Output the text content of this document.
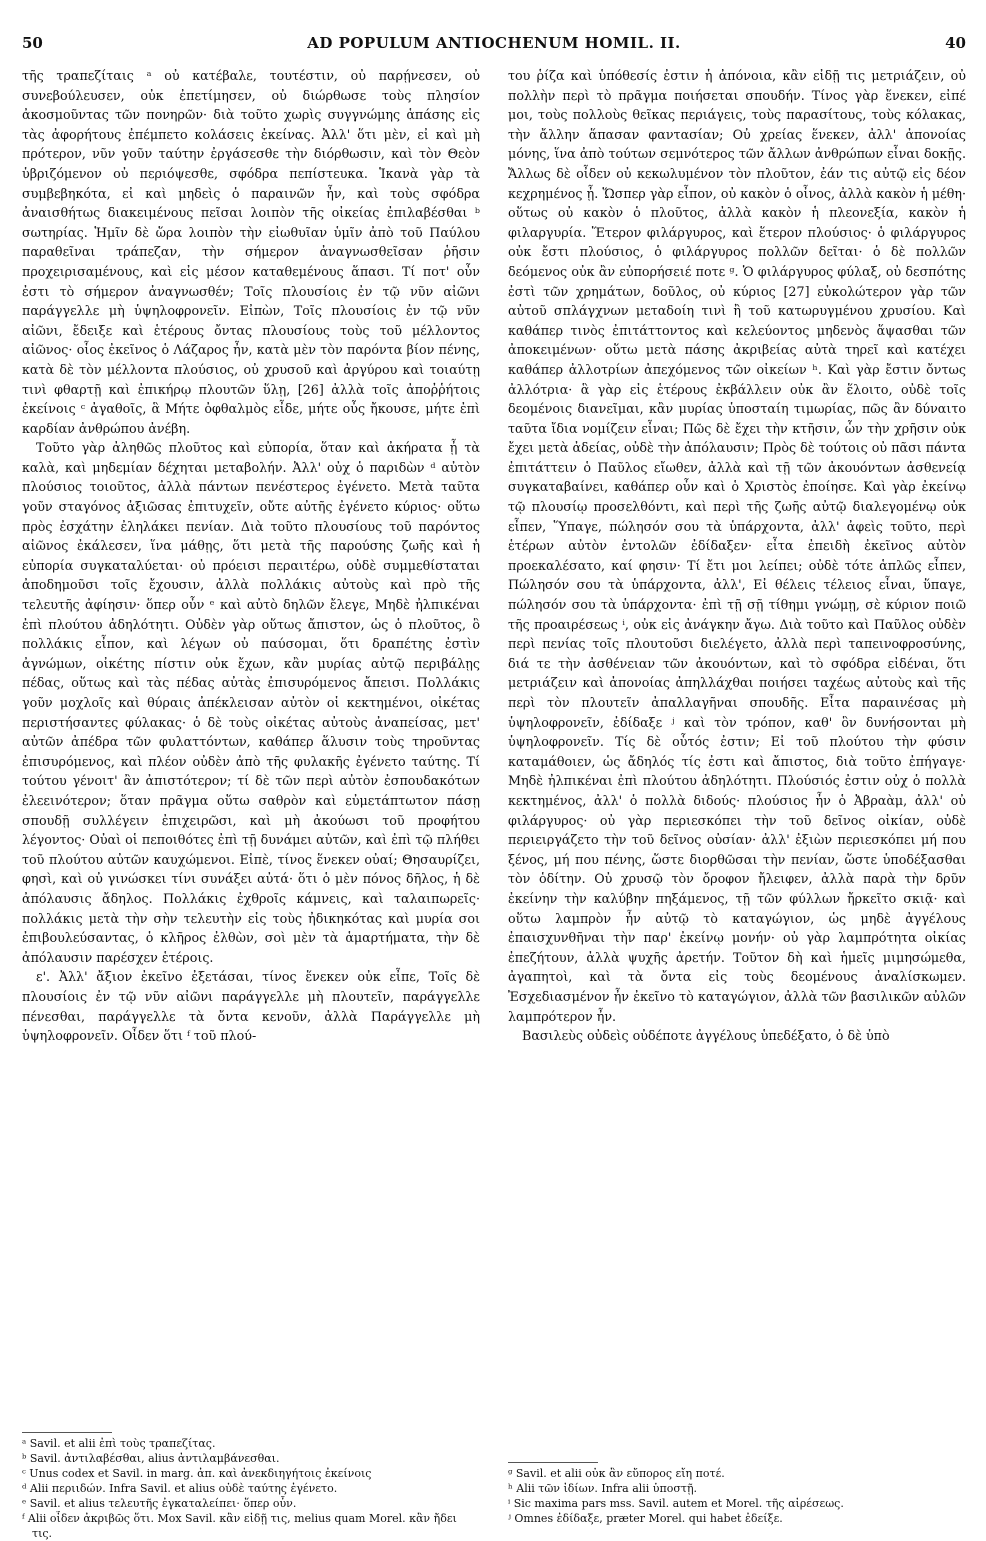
50	AD POPULUM ANTIOCHENUM HOMIL. II.	40

τῆς τραπεζίταις ᵃ οὐ κατέβαλε, τουτέστιν, οὐ παρῄνεσεν, οὐ συνεβούλευσεν, οὐκ ἐπετίμησεν, οὐ διώρθωσε τοὺς πλησίον ἀκοσμοῦντας τῶν πονηρῶν· διὰ τοῦτο χωρὶς συγγνώμης ἁπάσης εἰς τὰς ἀφορήτους ἐπέμπετο κολάσεις ἐκείνας. Ἀλλ' ὅτι μὲν, εἰ καὶ μὴ πρότερον, νῦν γοῦν ταύτην ἐργάσεσθε τὴν διόρθωσιν, καὶ τὸν Θεὸν ὑβριζόμενον οὐ περιόψεσθε, σφόδρα πεπίστευκα. Ἱκανὰ γὰρ τὰ συμβεβηκότα, εἰ καὶ μηδεὶς ὁ παραινῶν ἦν, καὶ τοὺς σφόδρα ἀναισθήτως διακειμένους πεῖσαι λοιπὸν τῆς οἰκείας ἐπιλαβέσθαι ᵇ σωτηρίας. Ἡμῖν δὲ ὥρα λοιπὸν τὴν εἰωθυῖαν ὑμῖν ἀπὸ τοῦ Παύλου παραθεῖναι τράπεζαν, τὴν σήμερον ἀναγνωσθεῖσαν ῥῆσιν προχειρισαμένους, καὶ εἰς μέσον καταθεμένους ἅπασι. Τί ποτ' οὖν ἐστι τὸ σήμερον ἀναγνωσθέν; Τοῖς πλουσίοις ἐν τῷ νῦν αἰῶνι παράγγελλε μὴ ὑψηλοφρονεῖν. Εἰπὼν, Τοῖς πλουσίοις ἐν τῷ νῦν αἰῶνι, ἔδειξε καὶ ἑτέρους ὄντας πλουσίους τοὺς τοῦ μέλλοντος αἰῶνος· οἷος ἐκεῖνος ὁ Λάζαρος ἦν, κατὰ μὲν τὸν παρόντα βίον πένης, κατὰ δὲ τὸν μέλλοντα πλούσιος, οὐ χρυσοῦ καὶ ἀργύρου καὶ τοιαύτῃ τινὶ φθαρτῇ καὶ ἐπικήρῳ πλουτῶν ὕλῃ, [26] ἀλλὰ τοῖς ἀποῤῥήτοις ἐκείνοις ᶜ ἀγαθοῖς, ἃ Μήτε ὀφθαλμὸς εἶδε, μήτε οὖς ἤκουσε, μήτε ἐπὶ καρδίαν ἀνθρώπου ἀνέβη.

Τοῦτο γὰρ ἀληθῶς πλοῦτος καὶ εὐπορία, ὅταν καὶ ἀκήρατα ᾖ τὰ καλὰ, καὶ μηδεμίαν δέχηται μεταβολήν. Ἀλλ' οὐχ ὁ παριδὼν ᵈ αὐτὸν πλούσιος τοιοῦτος, ἀλλὰ πάντων πενέστερος ἐγένετο. Μετὰ ταῦτα γοῦν σταγόνος ἀξιῶσας ἐπιτυχεῖν, οὔτε αὐτῆς ἐγένετο κύριος· οὕτω πρὸς ἐσχάτην ἐληλάκει πενίαν. Διὰ τοῦτο πλουσίους τοῦ παρόντος αἰῶνος ἐκάλεσεν, ἵνα μάθῃς, ὅτι μετὰ τῆς παρούσης ζωῆς καὶ ἡ εὐπορία συγκαταλύεται· οὐ πρόεισι περαιτέρω, οὐδὲ συμμεθίσταται ἀποδημοῦσι τοῖς ἔχουσιν, ἀλλὰ πολλάκις αὐτοὺς καὶ πρὸ τῆς τελευτῆς ἀφίησιν· ὅπερ οὖν ᵉ καὶ αὐτὸ δηλῶν ἔλεγε, Μηδὲ ἠλπικέναι ἐπὶ πλούτου ἀδηλότητι. Οὐδὲν γὰρ οὕτως ἄπιστον, ὡς ὁ πλοῦτος, ὃ πολλάκις εἶπον, καὶ λέγων οὐ παύσομαι, ὅτι δραπέτης ἐστὶν ἀγνώμων, οἰκέτης πίστιν οὐκ ἔχων, κἂν μυρίας αὐτῷ περιβάλῃς πέδας, οὕτως καὶ τὰς πέδας αὐτὰς ἐπισυρόμενος ἄπεισι. Πολλάκις γοῦν μοχλοῖς καὶ θύραις ἀπέκλεισαν αὐτὸν οἱ κεκτημένοι, οἰκέτας περιστήσαντες φύλακας· ὁ δὲ τοὺς οἰκέτας αὐτοὺς ἀναπείσας, μετ' αὐτῶν ἀπέδρα τῶν φυλαττόντων, καθάπερ ἅλυσιν τοὺς τηροῦντας ἐπισυρόμενος, καὶ πλέον οὐδὲν ἀπὸ τῆς φυλακῆς ἐγένετο ταύτης. Τί τούτου γένοιτ' ἂν ἀπιστότερον; τί δὲ τῶν περὶ αὐτὸν ἐσπουδακότων ἐλεεινότερον; ὅταν πρᾶγμα οὕτω σαθρὸν καὶ εὐμετάπτωτον πάσῃ σπουδῇ συλλέγειν ἐπιχειρῶσι, καὶ μὴ ἀκούωσι τοῦ προφήτου λέγοντος· Οὐαὶ οἱ πεποιθότες ἐπὶ τῇ δυνάμει αὐτῶν, καὶ ἐπὶ τῷ πλήθει τοῦ πλούτου αὐτῶν καυχώμενοι. Εἰπὲ, τίνος ἕνεκεν οὐαί; Θησαυρίζει, φησὶ, καὶ οὐ γινώσκει τίνι συνάξει αὐτά· ὅτι ὁ μὲν πόνος δῆλος, ἡ δὲ ἀπόλαυσις ἄδηλος. Πολλάκις ἐχθροῖς κάμνεις, καὶ ταλαιπωρεῖς· πολλάκις μετὰ τὴν σὴν τελευτὴν εἰς τοὺς ἠδικηκότας καὶ μυρία σοι ἐπιβουλεύσαντας, ὁ κλῆρος ἐλθὼν, σοὶ μὲν τὰ ἁμαρτήματα, τὴν δὲ ἀπόλαυσιν παρέσχεν ἑτέροις.

ε'. Ἀλλ' ἄξιον ἐκεῖνο ἐξετάσαι, τίνος ἕνεκεν οὐκ εἶπε, Τοῖς δὲ πλουσίοις ἐν τῷ νῦν αἰῶνι παράγγελλε μὴ πλουτεῖν, παράγγελλε πένεσθαι, παράγγελλε τὰ ὄντα κενοῦν, ἀλλὰ Παράγγελλε μὴ ὑψηλοφρονεῖν. Οἶδεν ὅτι ᶠ τοῦ πλού-

του ῥίζα καὶ ὑπόθεσίς ἐστιν ἡ ἀπόνοια, κἂν εἰδῇ τις μετριάζειν, οὐ πολλὴν περὶ τὸ πρᾶγμα ποιήσεται σπουδήν. Τίνος γὰρ ἕνεκεν, εἰπέ μοι, τοὺς πολλοὺς θεῖκας περιάγεις, τοὺς παρασίτους, τοὺς κόλακας, τὴν ἄλλην ἅπασαν φαντασίαν; Οὐ χρείας ἕνεκεν, ἀλλ' ἀπονοίας μόνης, ἵνα ἀπὸ τούτων σεμνότερος τῶν ἄλλων ἀνθρώπων εἶναι δοκῇς. Ἄλλως δὲ οἶδεν οὐ κεκωλυμένον τὸν πλοῦτον, ἐάν τις αὐτῷ εἰς δέον κεχρημένος ᾖ. Ὥσπερ γὰρ εἶπον, οὐ κακὸν ὁ οἶνος, ἀλλὰ κακὸν ἡ μέθη· οὕτως οὐ κακὸν ὁ πλοῦτος, ἀλλὰ κακὸν ἡ πλεονεξία, κακὸν ἡ φιλαργυρία. Ἕτερον φιλάργυρος, καὶ ἕτερον πλούσιος· ὁ φιλάργυρος οὐκ ἔστι πλούσιος, ὁ φιλάργυρος πολλῶν δεῖται· ὁ δὲ πολλῶν δεόμενος οὐκ ἂν εὐπορήσειέ ποτε ᵍ. Ὁ φιλάργυρος φύλαξ, οὐ δεσπότης ἐστὶ τῶν χρημάτων, δοῦλος, οὐ κύριος [27] εὐκολώτερον γὰρ τῶν αὐτοῦ σπλάγχνων μεταδοίη τινὶ ἢ τοῦ κατωρυγμένου χρυσίου. Καὶ καθάπερ τινὸς ἐπιτάττοντος καὶ κελεύοντος μηδενὸς ἅψασθαι τῶν ἀποκειμένων· οὕτω μετὰ πάσης ἀκριβείας αὐτὰ τηρεῖ καὶ κατέχει καθάπερ ἀλλοτρίων ἀπεχόμενος τῶν οἰκείων ʰ. Καὶ γὰρ ἔστιν ὄντως ἀλλότρια· ἃ γὰρ εἰς ἑτέρους ἐκβάλλειν οὐκ ἂν ἕλοιτο, οὐδὲ τοῖς δεομένοις διανεῖμαι, κἂν μυρίας ὑποσταίη τιμωρίας, πῶς ἂν δύναιτο ταῦτα ἴδια νομίζειν εἶναι; Πῶς δὲ ἔχει τὴν κτῆσιν, ὧν τὴν χρῆσιν οὐκ ἔχει μετὰ ἀδείας, οὐδὲ τὴν ἀπόλαυσιν; Πρὸς δὲ τούτοις οὐ πᾶσι πάντα ἐπιτάττειν ὁ Παῦλος εἴωθεν, ἀλλὰ καὶ τῇ τῶν ἀκουόντων ἀσθενείᾳ συγκαταβαίνει, καθάπερ οὖν καὶ ὁ Χριστὸς ἐποίησε. Καὶ γὰρ ἐκείνῳ τῷ πλουσίῳ προσελθόντι, καὶ περὶ τῆς ζωῆς αὐτῷ διαλεγομένῳ οὐκ εἶπεν, Ὕπαγε, πώλησόν σου τὰ ὑπάρχοντα, ἀλλ' ἀφεὶς τοῦτο, περὶ ἑτέρων αὐτὸν ἐντολῶν ἐδίδαξεν· εἶτα ἐπειδὴ ἐκεῖνος αὐτὸν προεκαλέσατο, καί φησιν· Τί ἔτι μοι λείπει; οὐδὲ τότε ἁπλῶς εἶπεν, Πώλησόν σου τὰ ὑπάρχοντα, ἀλλ', Εἰ θέλεις τέλειος εἶναι, ὕπαγε, πώλησόν σου τὰ ὑπάρχοντα· ἐπὶ τῇ σῇ τίθημι γνώμῃ, σὲ κύριον ποιῶ τῆς προαιρέσεως ⁱ, οὐκ εἰς ἀνάγκην ἄγω. Διὰ τοῦτο καὶ Παῦλος οὐδὲν περὶ πενίας τοῖς πλουτοῦσι διελέγετο, ἀλλὰ περὶ ταπεινοφροσύνης, διά τε τὴν ἀσθένειαν τῶν ἀκουόντων, καὶ τὸ σφόδρα εἰδέναι, ὅτι μετριάζειν καὶ ἀπονοίας ἀπηλλάχθαι ποιήσει ταχέως αὐτοὺς καὶ τῆς περὶ τὸν πλουτεῖν ἀπαλλαγῆναι σπουδῆς. Εἶτα παραινέσας μὴ ὑψηλοφρονεῖν, ἐδίδαξε ʲ καὶ τὸν τρόπον, καθ' ὃν δυνήσονται μὴ ὑψηλοφρονεῖν. Τίς δὲ οὗτός ἐστιν; Εἰ τοῦ πλούτου τὴν φύσιν καταμάθοιεν, ὡς ἄδηλός τίς ἐστι καὶ ἄπιστος, διὰ τοῦτο ἐπήγαγε· Μηδὲ ἠλπικέναι ἐπὶ πλούτου ἀδηλότητι. Πλούσιός ἐστιν οὐχ ὁ πολλὰ κεκτημένος, ἀλλ' ὁ πολλὰ διδούς· πλούσιος ἦν ὁ Ἀβραὰμ, ἀλλ' οὐ φιλάργυρος· οὐ γὰρ περιεσκόπει τὴν τοῦ δεῖνος οἰκίαν, οὐδὲ περιειργάζετο τὴν τοῦ δεῖνος οὐσίαν· ἀλλ' ἐξιὼν περιεσκόπει μή που ξένος, μή που πένης, ὥστε διορθῶσαι τὴν πενίαν, ὥστε ὑποδέξασθαι τὸν ὁδίτην. Οὐ χρυσῷ τὸν ὄροφον ἤλειφεν, ἀλλὰ παρὰ τὴν δρῦν ἐκείνην τὴν καλύβην πηξάμενος, τῇ τῶν φύλλων ἤρκεῖτο σκιᾷ· καὶ οὕτω λαμπρὸν ἦν αὐτῷ τὸ καταγώγιον, ὡς μηδὲ ἀγγέλους ἐπαισχυνθῆναι τὴν παρ' ἐκείνῳ μονήν· οὐ γὰρ λαμπρότητα οἰκίας ἐπεζήτουν, ἀλλὰ ψυχῆς ἀρετήν. Τοῦτον δὴ καὶ ἡμεῖς μιμησώμεθα, ἀγαπητοὶ, καὶ τὰ ὄντα εἰς τοὺς δεομένους ἀναλίσκωμεν. Ἐσχεδιασμένον ἦν ἐκεῖνο τὸ καταγώγιον, ἀλλὰ τῶν βασιλικῶν αὐλῶν λαμπρότερον ἦν.

Βασιλεὺς οὐδεὶς οὐδέποτε ἀγγέλους ὑπεδέξατο, ὁ δὲ ὑπὸ

ᵃ Savil. et alii ἐπὶ τοὺς τραπεζίτας.
ᵇ Savil. ἀντιλαβέσθαι, alius ἀντιλαμβάνεσθαι.
ᶜ Unus codex et Savil. in marg. ἀπ. καὶ ἀνεκδιηγήτοις ἐκείνοις
ᵈ Alii περιιδών. Infra Savil. et alius οὐδὲ ταύτης ἐγένετο.
ᵉ Savil. et alius τελευτῆς ἐγκαταλείπει· ὅπερ οὖν.
ᶠ Alii οἶδεν ἀκριβῶς ὅτι. Mox Savil. κἂν εἰδῇ τις, melius quam Morel. κἂν ἤδει τις.
ᵍ Savil. et alii οὐκ ἂν εὔπορος εἴη ποτέ.
ʰ Alii τῶν ἰδίων. Infra alii ὑποστῇ.
ⁱ Sic maxima pars mss. Savil. autem et Morel. τῆς αἱρέσεως.
ʲ Omnes ἐδίδαξε, præter Morel. qui habet ἐδείξε.
